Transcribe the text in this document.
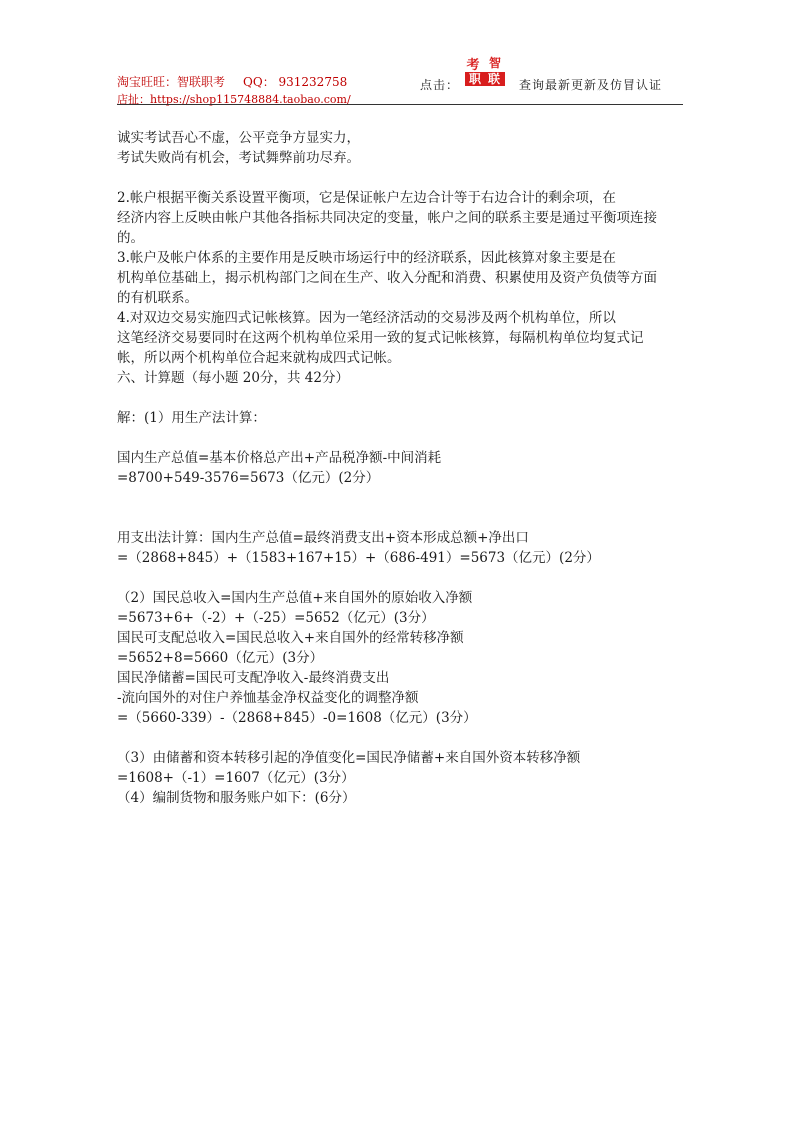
淘宝旺旺：智联职考 QQ： 931232758
店扯：https://shop115748884.taobao.com/
点击：
考 智
职 联 查询最新更新及仿冒认证
诚实考试吾心不虚，公平竞争方显实力，
考试失败尚有机会，考试舞弊前功尽弃。
2.帐户根据平衡关系设置平衡项，它是保证帐户左边合计等于右边合计的剩余项，在
经济内容上反映由帐户其他各指标共同决定的变量，帐户之间的联系主要是通过平衡项连接
的。
3.帐户及帐户体系的主要作用是反映市场运行中的经济联系，因此核算对象主要是在
机构单位基础上，揭示机构部门之间在生产、收入分配和消费、积累使用及资产负债等方面
的有机联系。
4.对双边交易实施四式记帐核算。因为一笔经济活动的交易涉及两个机构单位，所以
这笔经济交易要同时在这两个机构单位采用一致的复式记帐核算，每隔机构单位均复式记
帐，所以两个机构单位合起来就构成四式记帐。
六、计算题（每小题 20分，共 42分）
解：(1）用生产法计算：
国内生产总值=基本价格总产出+产品税净额-中间消耗
=8700+549-3576=5673（亿元）(2分）
用支出法计算：国内生产总值=最终消费支出+资本形成总额+净出口
=（2868+845）+（1583+167+15）+（686-491）=5673（亿元）(2分）
（2）国民总收入=国内生产总值+来自国外的原始收入净额
=5673+6+（-2）+（-25）=5652（亿元）(3分）
国民可支配总收入=国民总收入+来自国外的经常转移净额
=5652+8=5660（亿元）(3分）
国民净储蓄=国民可支配净收入-最终消费支出
-流向国外的对住户养恤基金净权益变化的调整净额
=（5660-339）-（2868+845）-0=1608（亿元）(3分）
（3）由储蓄和资本转移引起的净值变化=国民净储蓄+来自国外资本转移净额
=1608+（-1）=1607（亿元）(3分）
（4）编制货物和服务账户如下：(6分）
